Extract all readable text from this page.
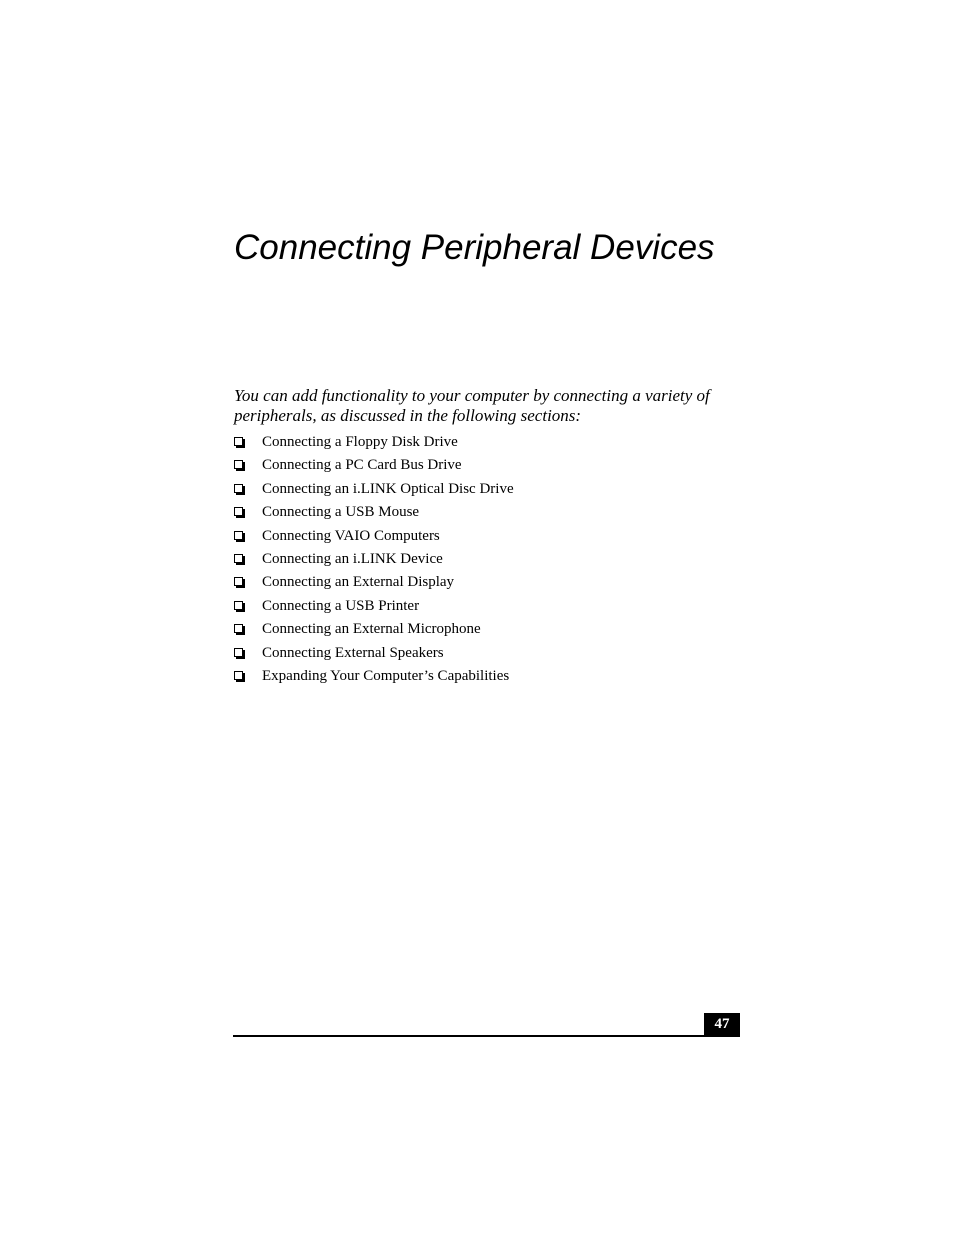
Connecting Peripheral Devices

You can add functionality to your computer by connecting a variety of peripherals, as discussed in the following sections:

Connecting a Floppy Disk Drive
Connecting a PC Card Bus Drive
Connecting an i.LINK Optical Disc Drive
Connecting a USB Mouse
Connecting VAIO Computers
Connecting an i.LINK Device
Connecting an External Display
Connecting a USB Printer
Connecting an External Microphone
Connecting External Speakers
Expanding Your Computer’s Capabilities
47
